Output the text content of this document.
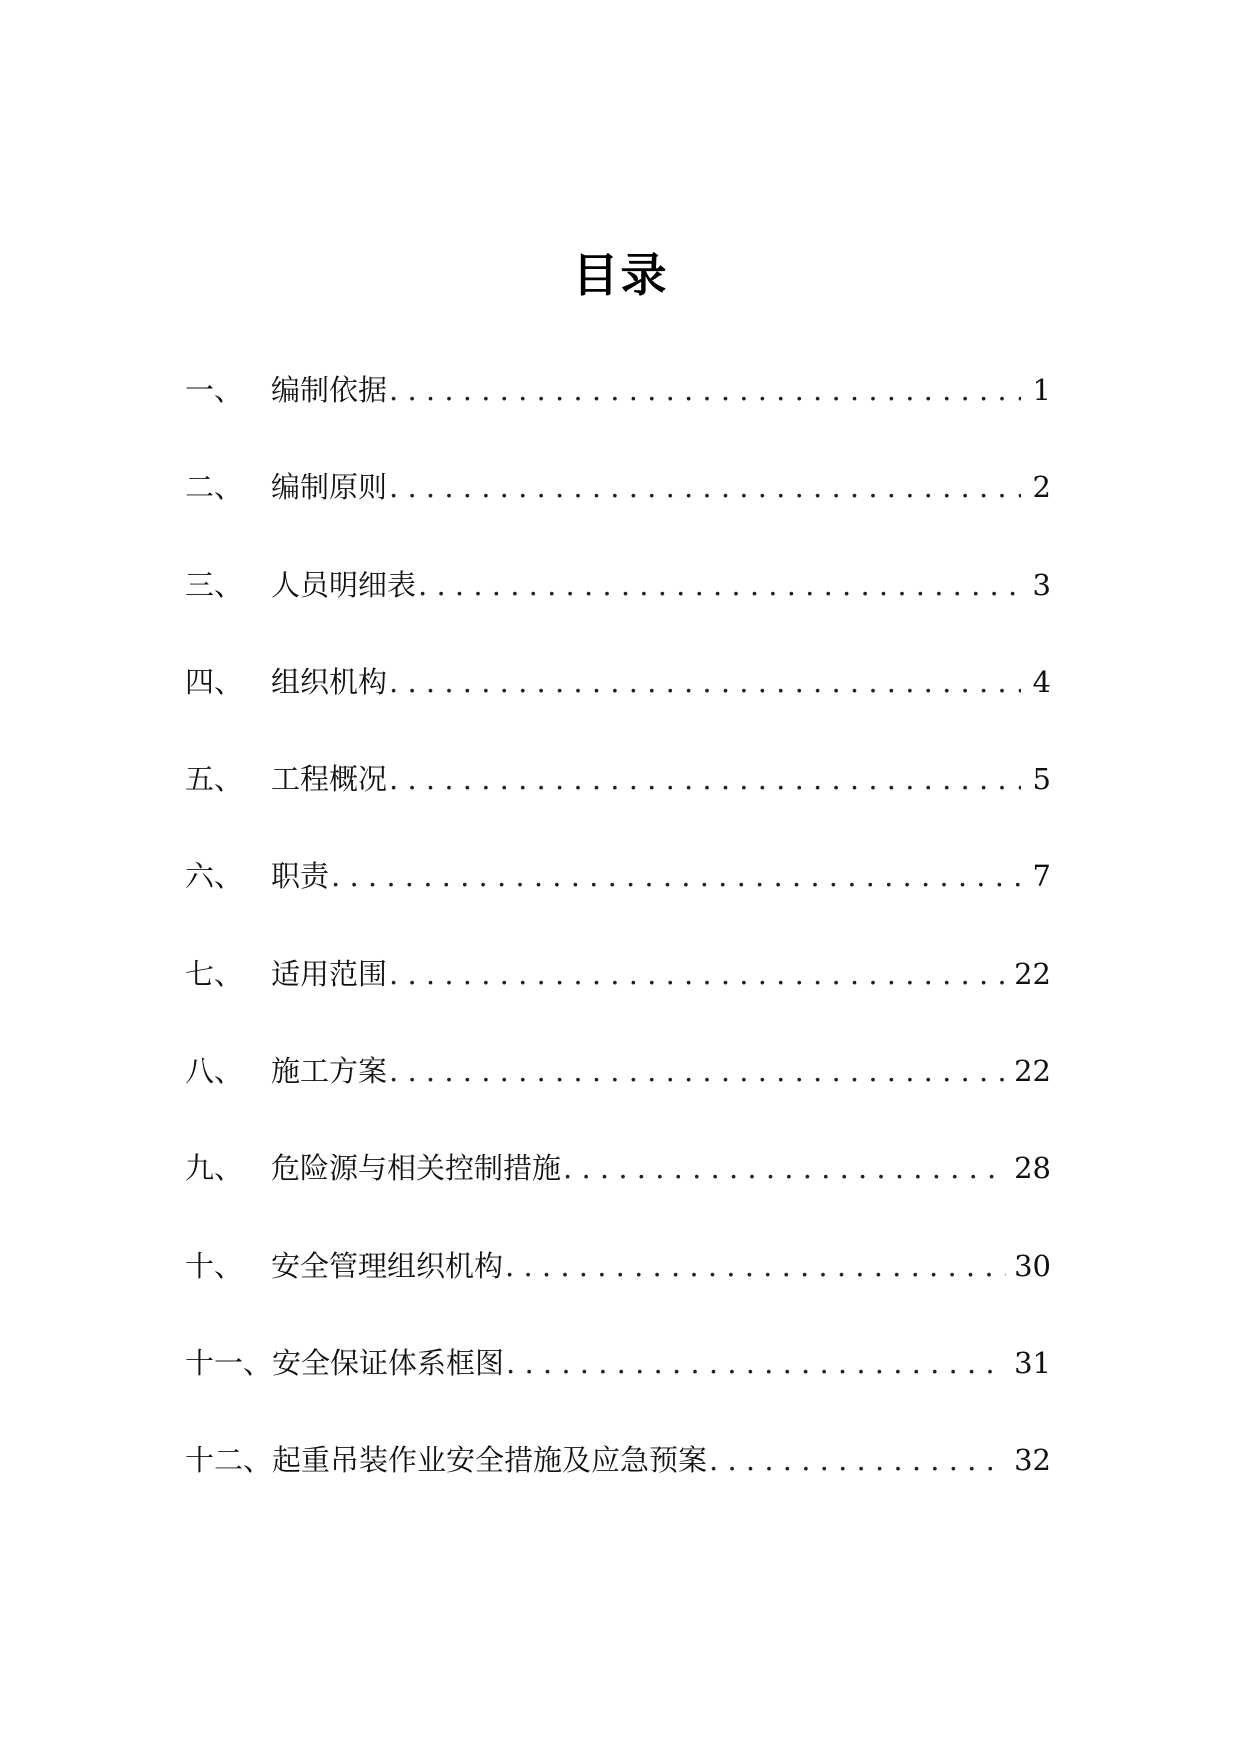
目录
一、 编制依据 . . .	1
二、 编制原则 . . .	2
三、 人员明细表 . . .	3
四、 组织机构 . . .	4
五、 工程概况 . . .	5
六、 职责 . . .	7
七、 适用范围 . . .	22
八、 施工方案 . . .	22
九、 危险源与相关控制措施 . . .	28
十、 安全管理组织机构 . . .	30
十一、 安全保证体系框图 . . .	31
十二、 起重吊装作业安全措施及应急预案 . . .	32
